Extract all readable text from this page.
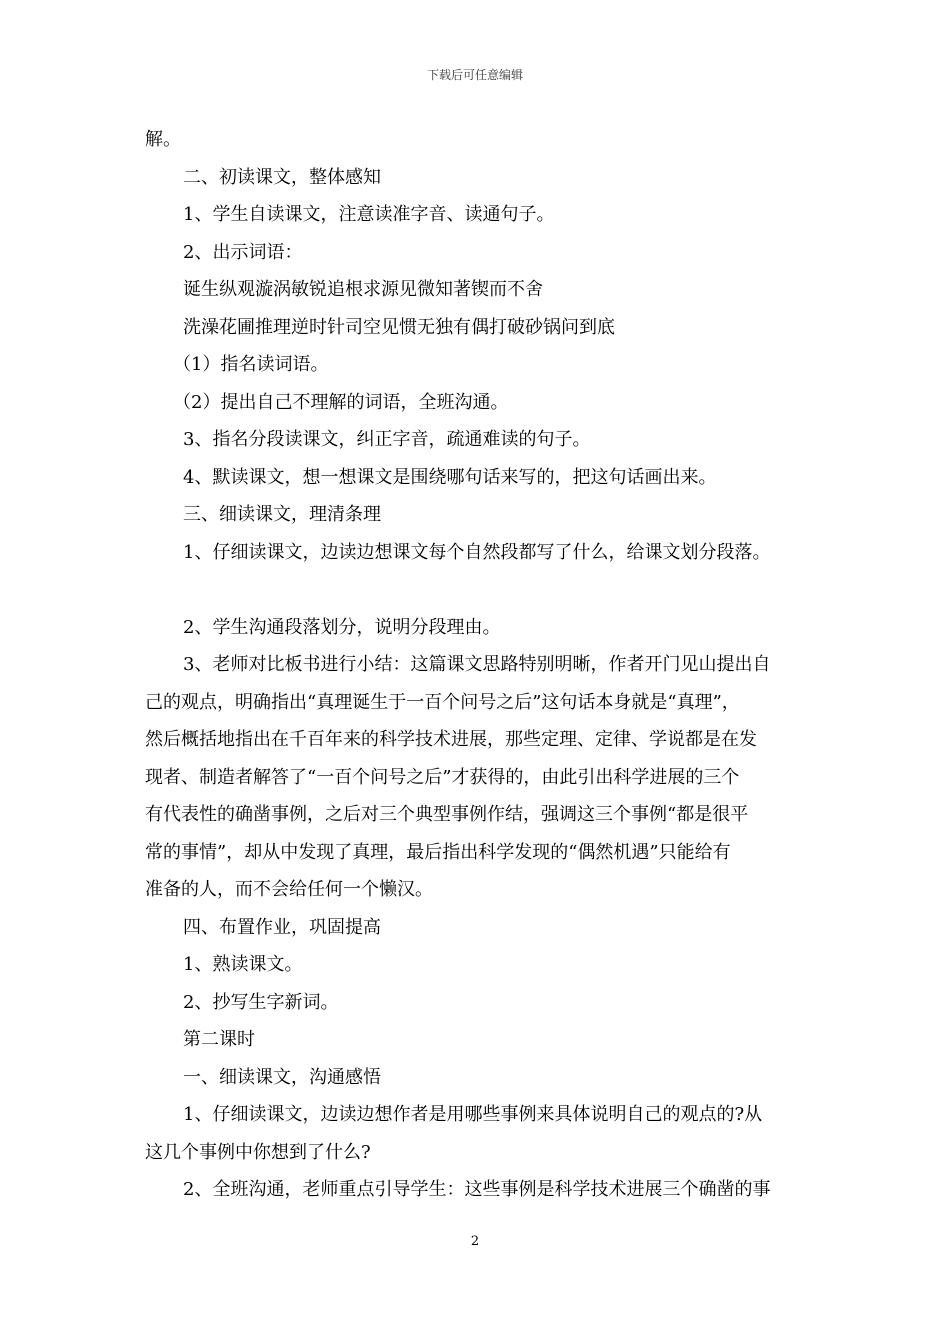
下载后可任意编辑

解。

二、初读课文，整体感知

1、学生自读课文，注意读准字音、读通句子。

2、出示词语：

诞生纵观漩涡敏锐追根求源见微知著锲而不舍

洗澡花圃推理逆时针司空见惯无独有偶打破砂锅问到底

（1）指名读词语。

（2）提出自己不理解的词语，全班沟通。

3、指名分段读课文，纠正字音，疏通难读的句子。

4、默读课文，想一想课文是围绕哪句话来写的，把这句话画出来。

三、细读课文，理清条理

1、仔细读课文，边读边想课文每个自然段都写了什么，给课文划分段落。

2、学生沟通段落划分，说明分段理由。

3、老师对比板书进行小结：这篇课文思路特别明晰，作者开门见山提出自

己的观点，明确指出“真理诞生于一百个问号之后”这句话本身就是“真理”，

然后概括地指出在千百年来的科学技术进展，那些定理、定律、学说都是在发

现者、制造者解答了“一百个问号之后”才获得的，由此引出科学进展的三个

有代表性的确凿事例，之后对三个典型事例作结，强调这三个事例“都是很平

常的事情”，却从中发现了真理，最后指出科学发现的“偶然机遇”只能给有

准备的人，而不会给任何一个懒汉。

四、布置作业，巩固提高

1、熟读课文。

2、抄写生字新词。

第二课时

一、细读课文，沟通感悟

1、仔细读课文，边读边想作者是用哪些事例来具体说明自己的观点的?从

这几个事例中你想到了什么?

2、全班沟通，老师重点引导学生：这些事例是科学技术进展三个确凿的事

2
